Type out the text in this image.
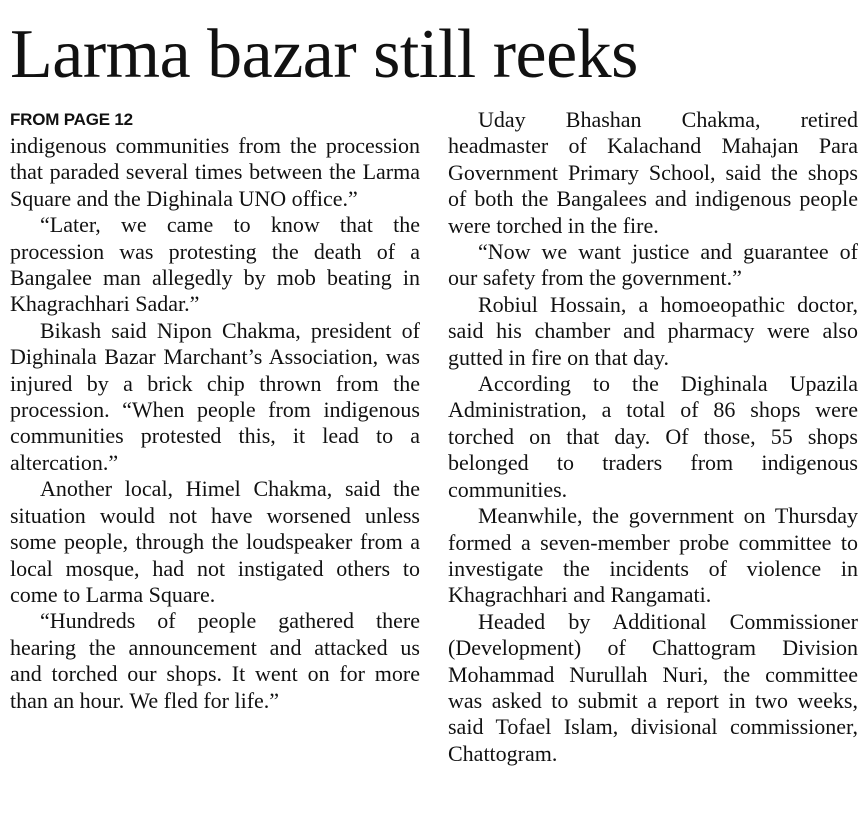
Larma bazar still reeks
FROM PAGE 12

indigenous communities from the procession that paraded several times between the Larma Square and the Dighinala UNO office.”

“Later, we came to know that the procession was protesting the death of a Bangalee man allegedly by mob beating in Khagrachhari Sadar.”

Bikash said Nipon Chakma, president of Dighinala Bazar Marchant’s Association, was injured by a brick chip thrown from the procession. “When people from indigenous communities protested this, it lead to a altercation.”

Another local, Himel Chakma, said the situation would not have worsened unless some people, through the loudspeaker from a local mosque, had not instigated others to come to Larma Square.

“Hundreds of people gathered there hearing the announcement and attacked us and torched our shops. It went on for more than an hour. We fled for life.”

Uday Bhashan Chakma, retired headmaster of Kalachand Mahajan Para Government Primary School, said the shops of both the Bangalees and indigenous people were torched in the fire.

“Now we want justice and guarantee of our safety from the government.”

Robiul Hossain, a homoeopathic doctor, said his chamber and pharmacy were also gutted in fire on that day.

According to the Dighinala Upazila Administration, a total of 86 shops were torched on that day. Of those, 55 shops belonged to traders from indigenous communities.

Meanwhile, the government on Thursday formed a seven-member probe committee to investigate the incidents of violence in Khagrachhari and Rangamati.

Headed by Additional Commissioner (Development) of Chattogram Division Mohammad Nurullah Nuri, the committee was asked to submit a report in two weeks, said Tofael Islam, divisional commissioner, Chattogram.
